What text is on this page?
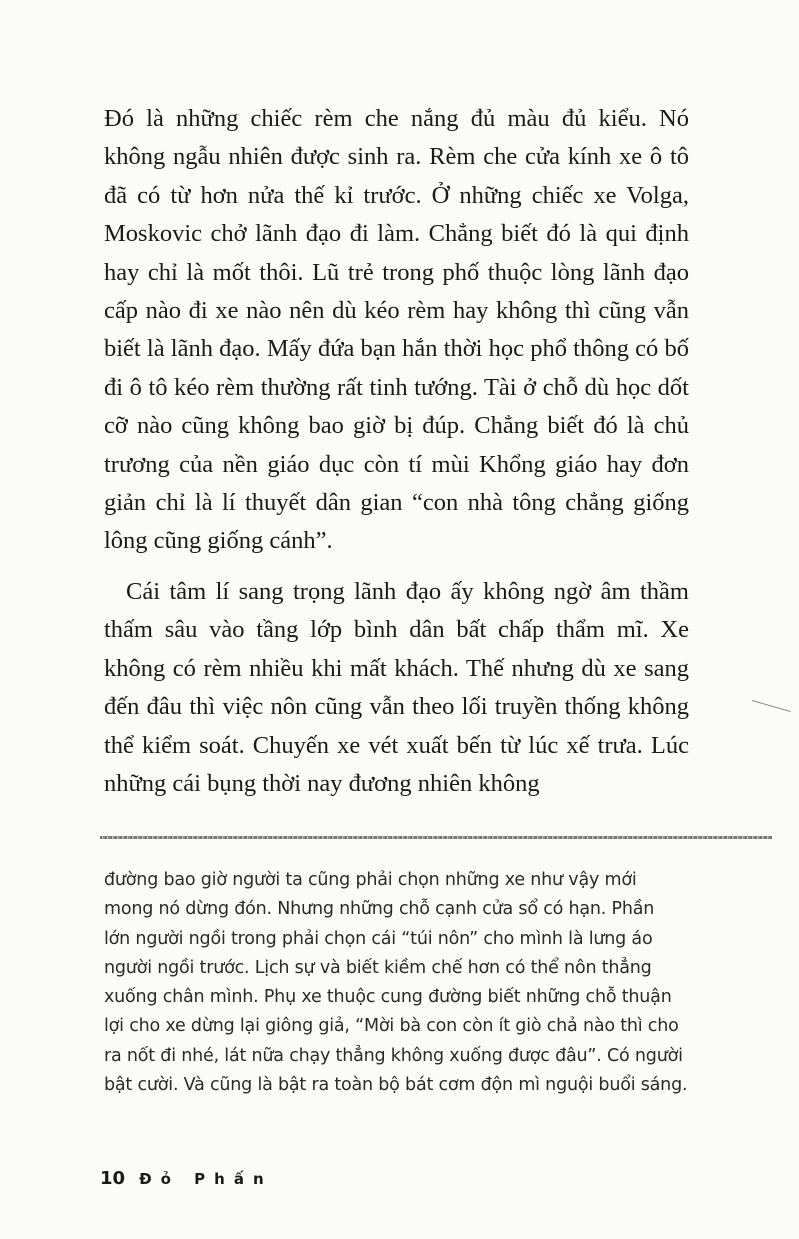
Đó là những chiếc rèm che nắng đủ màu đủ kiểu. Nó không ngẫu nhiên được sinh ra. Rèm che cửa kính xe ô tô đã có từ hơn nửa thế kỉ trước. Ở những chiếc xe Volga, Moskovic chở lãnh đạo đi làm. Chẳng biết đó là qui định hay chỉ là mốt thôi. Lũ trẻ trong phố thuộc lòng lãnh đạo cấp nào đi xe nào nên dù kéo rèm hay không thì cũng vẫn biết là lãnh đạo. Mấy đứa bạn hắn thời học phổ thông có bố đi ô tô kéo rèm thường rất tinh tướng. Tài ở chỗ dù học dốt cỡ nào cũng không bao giờ bị đúp. Chẳng biết đó là chủ trương của nền giáo dục còn tí mùi Khổng giáo hay đơn giản chỉ là lí thuyết dân gian “con nhà tông chẳng giống lông cũng giống cánh”.

Cái tâm lí sang trọng lãnh đạo ấy không ngờ âm thầm thấm sâu vào tầng lớp bình dân bất chấp thẩm mĩ. Xe không có rèm nhiều khi mất khách. Thế nhưng dù xe sang đến đâu thì việc nôn cũng vẫn theo lối truyền thống không thể kiểm soát. Chuyến xe vét xuất bến từ lúc xế trưa. Lúc những cái bụng thời nay đương nhiên không

đường bao giờ người ta cũng phải chọn những xe như vậy mới
mong nó dừng đón. Nhưng những chỗ cạnh cửa sổ có hạn. Phần
lớn người ngồi trong phải chọn cái “túi nôn” cho mình là lưng áo
người ngồi trước. Lịch sự và biết kiềm chế hơn có thể nôn thẳng
xuống chân mình. Phụ xe thuộc cung đường biết những chỗ thuận
lợi cho xe dừng lại giông giả, “Mời bà con còn ít giò chả nào thì cho
ra nốt đi nhé, lát nữa chạy thẳng không xuống được đâu”. Có người
bật cười. Và cũng là bật ra toàn bộ bát cơm độn mì nguội buổi sáng.
10 Đỏ Phấn
